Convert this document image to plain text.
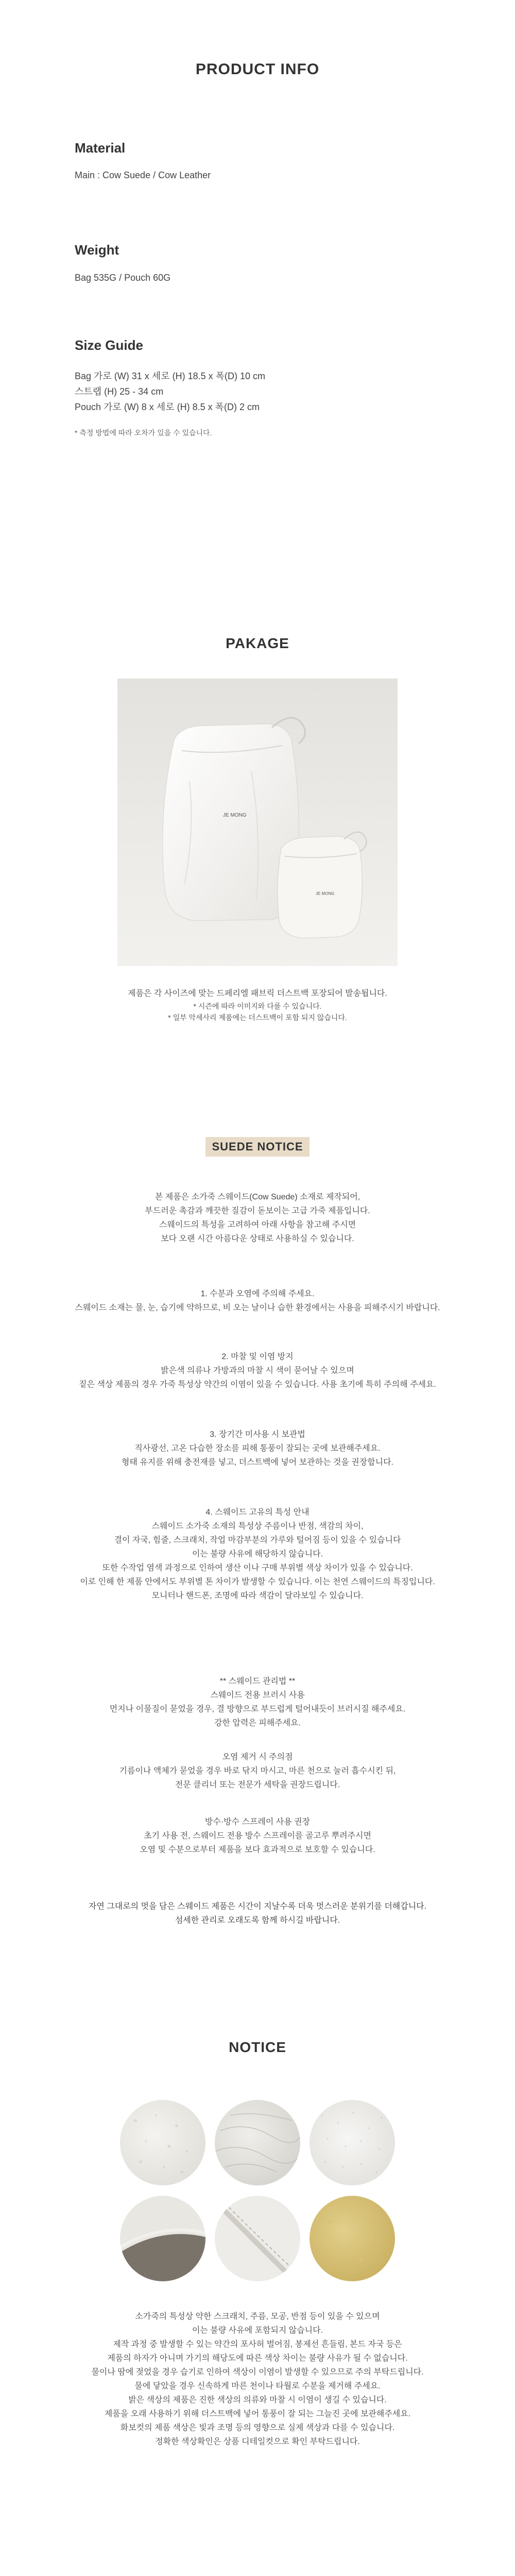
PRODUCT INFO
Material
Main : Cow Suede / Cow Leather
Weight
Bag 535G / Pouch 60G
Size Guide
Bag 가로 (W) 31 x 세로 (H) 18.5 x 폭(D) 10 cm
스트랩 (H) 25 - 34 cm
Pouch 가로 (W) 8 x 세로 (H) 8.5 x 폭(D) 2 cm
* 측정 방법에 따라 오차가 있을 수 있습니다.
PAKAGE
JE MONG
JE MONG
제품은 각 사이즈에 맞는 드페리엘 패브릭 더스트백 포장되어 발송됩니다.
* 시즌에 따라 이미지와 다를 수 있습니다.
* 일부 악세사리 제품에는 더스트백이 포함 되지 않습니다.
SUEDE NOTICE
본 제품은 소가죽 스웨이드(Cow Suede) 소재로 제작되어,
부드러운 촉감과 깨끗한 질감이 돋보이는 고급 가죽 제품입니다.
스웨이드의 특성을 고려하여 아래 사항을 참고해 주시면
보다 오랜 시간 아름다운 상태로 사용하실 수 있습니다.
1. 수분과 오염에 주의해 주세요.
스웨이드 소재는 물, 눈, 습기에 약하므로, 비 오는 날이나 습한 환경에서는 사용을 피해주시기 바랍니다.
2. 마찰 및 이염 방지
밝은색 의류나 가방과의 마찰 시 색이 묻어날 수 있으며
짙은 색상 제품의 경우 가죽 특성상 약간의 이염이 있을 수 있습니다. 사용 초기에 특히 주의해 주세요.
3. 장기간 미사용 시 보관법
직사광선, 고온 다습한 장소를 피해 통풍이 잘되는 곳에 보관해주세요.
형태 유지를 위해 충전재를 넣고, 더스트백에 넣어 보관하는 것을 권장합니다.
4. 스웨이드 고유의 특성 안내
스웨이드 소가죽 소재의 특성상 주름이나 반점, 색감의 차이,
결이 자국, 힘줄, 스크래치, 작업 마감부분의 가루와 털어짐 등이 있을 수 있습니다
이는 불량 사유에 해당하지 않습니다.
또한 수작업 염색 과정으로 인하여 생산 이나 구매 부위별 색상 차이가 있을 수 있습니다.
이로 인해 한 제품 안에서도 부위별 톤 차이가 발생할 수 있습니다. 이는 천연 스웨이드의 특징입니다.
모니터나 핸드폰, 조명에 따라 색감이 달라보일 수 있습니다.
** 스웨이드 관리법 **
스웨이드 전용 브러시 사용
먼지나 이물질이 묻었을 경우, 결 방향으로 부드럽게 털어내듯이 브러시질 해주세요.
강한 압력은 피해주세요.
오염 제거 시 주의점
기름이나 액체가 묻었을 경우 바로 닦지 마시고, 마른 천으로 눌러 흡수시킨 뒤,
전문 클리너 또는 전문가 세탁을 권장드립니다.
방수·방수 스프레이 사용 권장
초기 사용 전, 스웨이드 전용 방수 스프레이를 골고루 뿌려주시면
오염 및 수분으로부터 제품을 보다 효과적으로 보호할 수 있습니다.
자연 그대로의 멋을 담은 스웨이드 제품은 시간이 지날수록 더욱 멋스러운 분위기를 더해갑니다.
섬세한 관리로 오래도록 함께 하시길 바랍니다.
NOTICE
소가죽의 특성상 약한 스크래치, 주름, 모공, 반점 등이 있을 수 있으며
이는 불량 사유에 포함되지 않습니다.
제작 과정 중 발생할 수 있는 약간의 포사허 벌어짐, 봉제선 흔들림, 본드 자국 등은
제품의 하자가 아니며 가기의 해당도에 따른 색상 차이는 불량 사유가 될 수 없습니다.
물이나 땀에 젖었을 경우 습기로 인하여 색상이 이염이 발생할 수 있으므로 주의 부탁드립니다.
물에 닿았을 경우 신속하게 마른 천이나 타월로 수분을 제거해 주세요.
밝은 색상의 제품은 진한 색상의 의류와 마찰 시 이염이 생길 수 있습니다.
제품을 오래 사용하기 위해 더스트백에 넣어 통풍이 잘 되는 그늘진 곳에 보관해주세요.
화보컷의 제품 색상은 빛과 조명 등의 영향으로 실제 색상과 다를 수 있습니다.
정확한 색상확인은 상품 디테일컷으로 확인 부탁드립니다.
